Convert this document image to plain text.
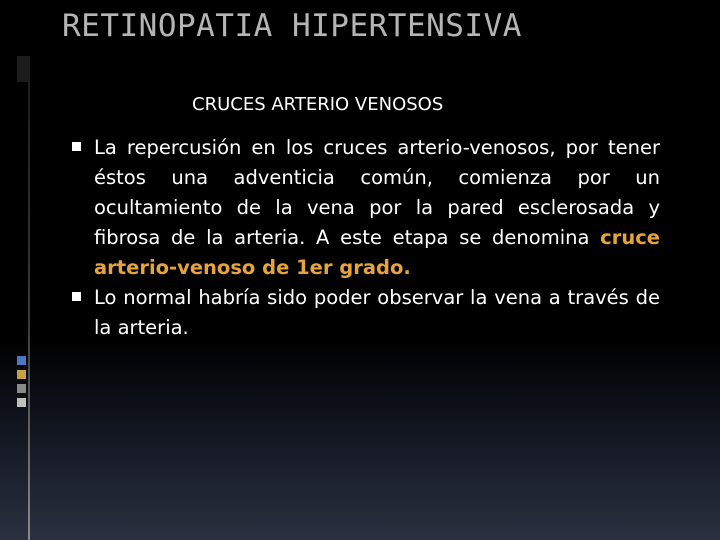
RETINOPATIA HIPERTENSIVA
CRUCES ARTERIO VENOSOS
La repercusión en los cruces arterio-venosos, por tener éstos una adventicia común, comienza por un ocultamiento de la vena por la pared esclerosada y fibrosa de la arteria. A este etapa se denomina cruce arterio-venoso de 1er grado.
Lo normal habría sido poder observar la vena a través de la arteria.
